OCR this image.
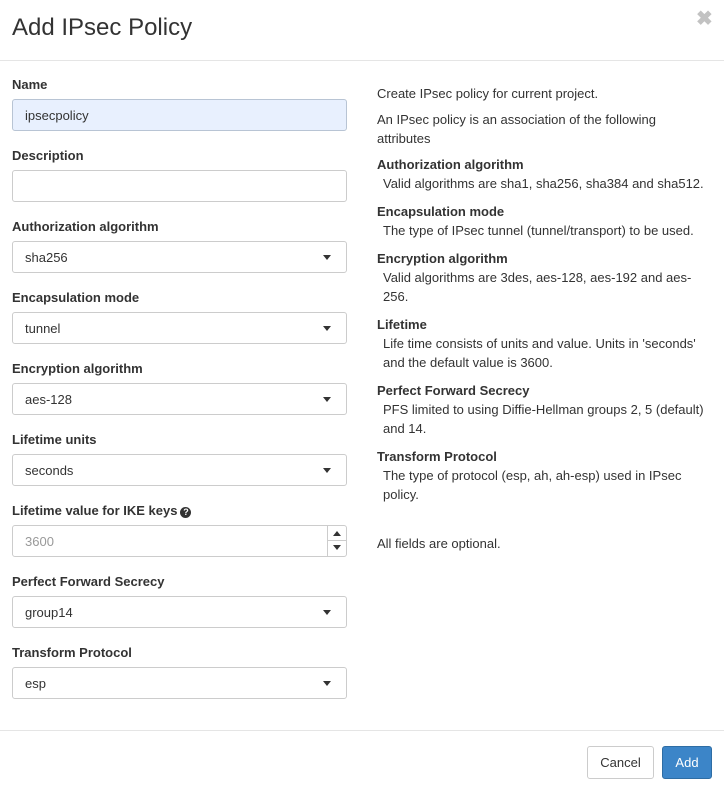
Add IPsec Policy	✖
Name
ipsecpolicy
Description
Authorization algorithm
sha256
Encapsulation mode
tunnel
Encryption algorithm
aes-128
Lifetime units
seconds
Lifetime value for IKE keys ?
3600
Perfect Forward Secrecy
group14
Transform Protocol
esp

Create IPsec policy for current project.

An IPsec policy is an association of the following attributes

Authorization algorithm
Valid algorithms are sha1, sha256, sha384 and sha512.
Encapsulation mode
The type of IPsec tunnel (tunnel/transport) to be used.
Encryption algorithm
Valid algorithms are 3des, aes-128, aes-192 and aes-256.
Lifetime
Life time consists of units and value. Units in 'seconds' and the default value is 3600.
Perfect Forward Secrecy
PFS limited to using Diffie-Hellman groups 2, 5 (default) and 14.
Transform Protocol
The type of protocol (esp, ah, ah-esp) used in IPsec policy.

All fields are optional.

Cancel	Add
